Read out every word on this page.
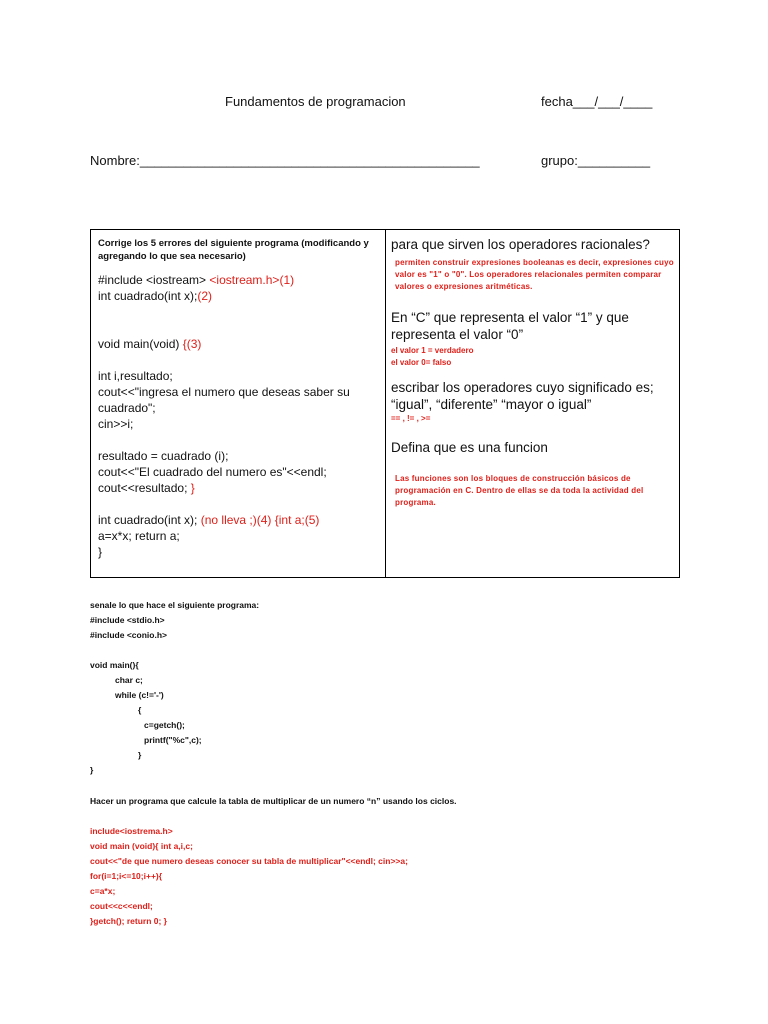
Fundamentos de programacion	fecha___/___/____
Nombre:_______________________________________________	grupo:__________
Corrige los 5 errores del siguiente programa (modificando y agregando lo que sea necesario)
#include <iostream> <iostream.h>(1)
int cuadrado(int x);(2)
void main(void) {(3)
int i,resultado;
cout<<"ingresa el numero que deseas saber su cuadrado";
cin>>i;
resultado = cuadrado (i);
cout<<"El cuadrado del numero es"<<endl;
cout<<resultado; }
int cuadrado(int x); (no lleva ;)(4) {int a;(5)
a=x*x; return a;
}

para que sirven los operadores racionales?

permiten construir expresiones booleanas es decir, expresiones cuyo valor es "1" o "0". Los operadores relacionales permiten comparar valores o expresiones aritméticas.

En “C” que representa el valor “1” y que representa el valor “0”

el valor 1 = verdadero

el valor 0= falso

escribar los operadores cuyo significado es; “igual”, “diferente” “mayor o igual”

== , != , >=

Defina que es una funcion

Las funciones son los bloques de construcción básicos de programación en C. Dentro de ellas se da toda la actividad del programa.

senale lo que hace el siguiente programa:
#include <stdio.h>
#include <conio.h>
void main(){
char c;
while (c!='-')
{
c=getch();
printf("%c",c);
}
}
Hacer un programa que calcule la tabla de multiplicar de un numero “n” usando los ciclos.
include<iostrema.h>
void main (void){ int a,i,c;
cout<<"de que numero deseas conocer su tabla de multiplicar"<<endl; cin>>a;
for(i=1;i<=10;i++){
c=a*x;
cout<<c<<endl;
}getch(); return 0; }
